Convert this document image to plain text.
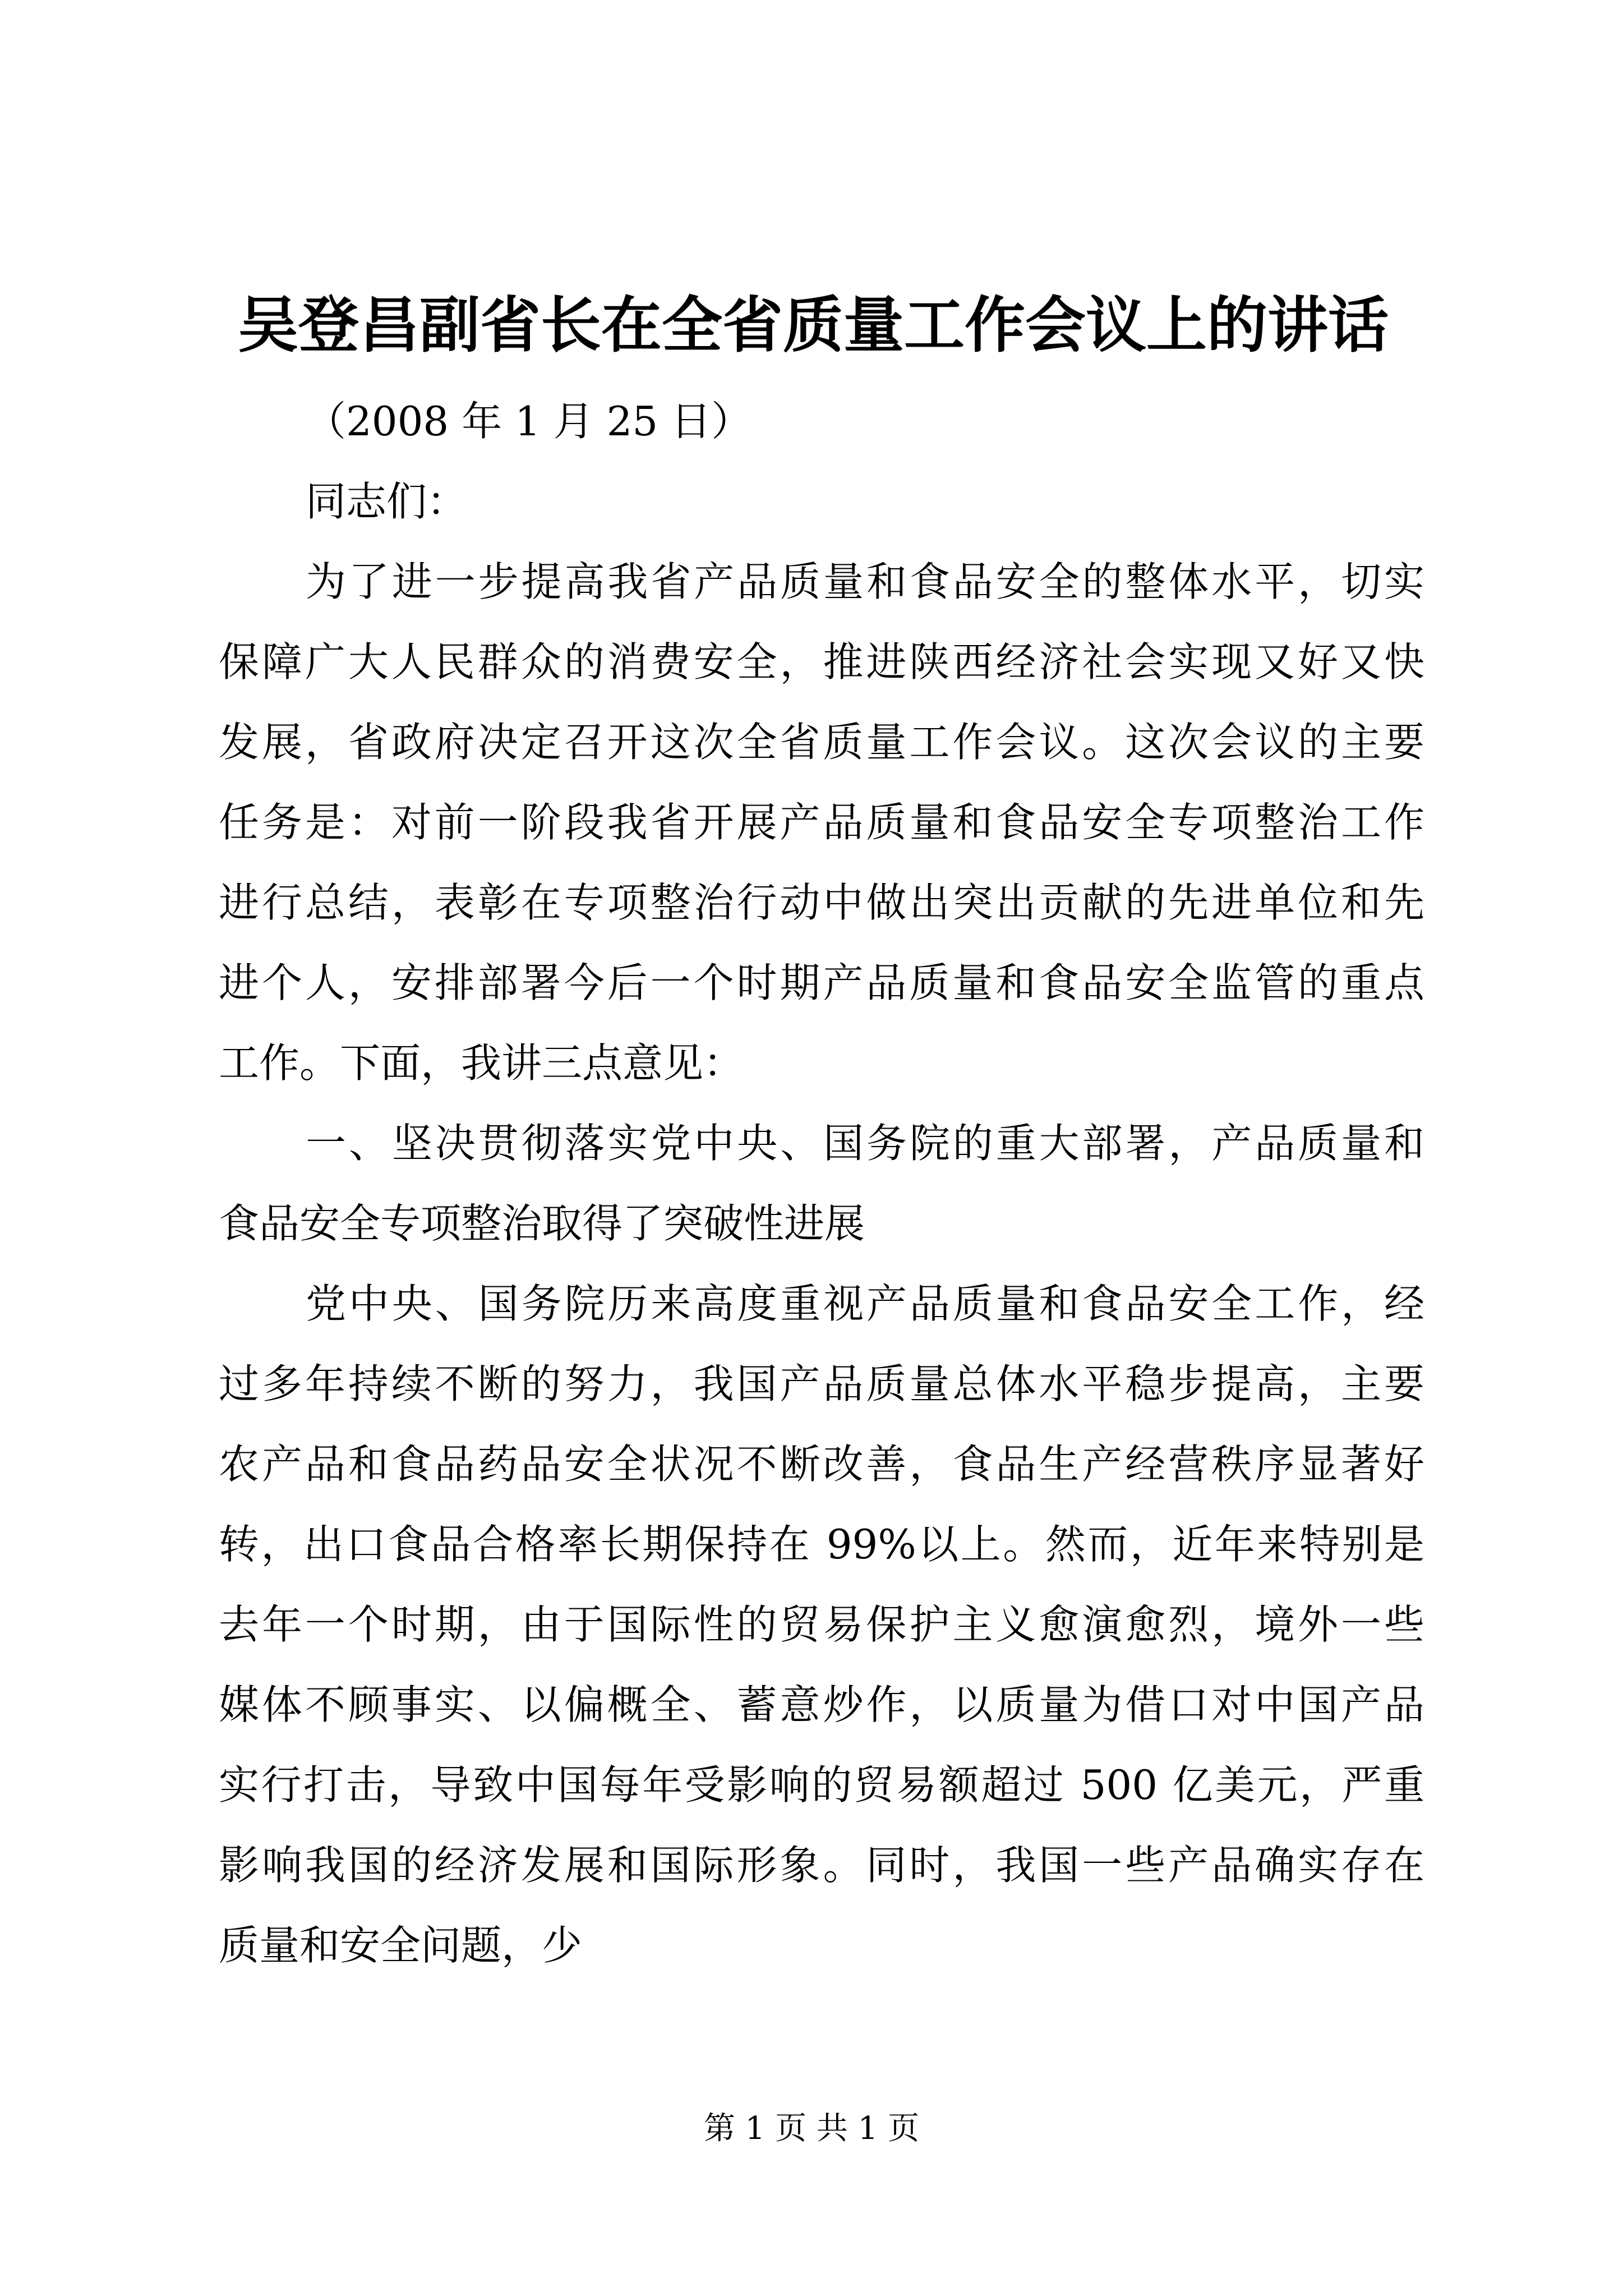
吴登昌副省长在全省质量工作会议上的讲话
（2008 年 1 月 25 日）
同志们：
为了进一步提高我省产品质量和食品安全的整体水平，切实
保障广大人民群众的消费安全，推进陕西经济社会实现又好又快
发展，省政府决定召开这次全省质量工作会议。这次会议的主要
任务是：对前一阶段我省开展产品质量和食品安全专项整治工作
进行总结，表彰在专项整治行动中做出突出贡献的先进单位和先
进个人，安排部署今后一个时期产品质量和食品安全监管的重点
工作。下面，我讲三点意见：
一、坚决贯彻落实党中央、国务院的重大部署，产品质量和
食品安全专项整治取得了突破性进展
党中央、国务院历来高度重视产品质量和食品安全工作，经
过多年持续不断的努力，我国产品质量总体水平稳步提高，主要
农产品和食品药品安全状况不断改善，食品生产经营秩序显著好
转，出口食品合格率长期保持在 99%以上。然而，近年来特别是
去年一个时期，由于国际性的贸易保护主义愈演愈烈，境外一些
媒体不顾事实、以偏概全、蓄意炒作，以质量为借口对中国产品
实行打击，导致中国每年受影响的贸易额超过 500 亿美元，严重
影响我国的经济发展和国际形象。同时，我国一些产品确实存在
质量和安全问题，少
第 1 页 共 1 页
